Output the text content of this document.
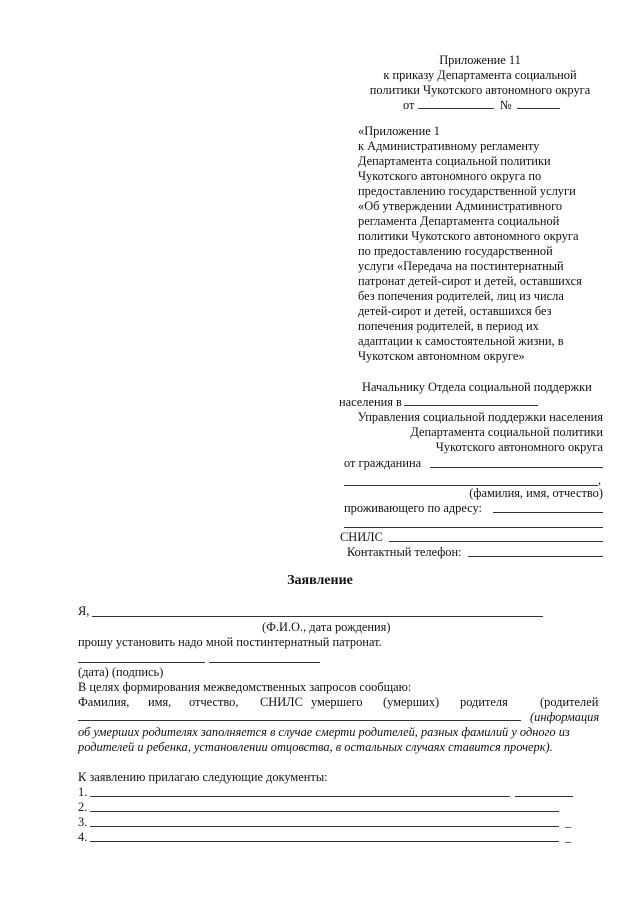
Приложение 11
к приказу Департамента социальной
политики Чукотского автономного округа
от	№
«Приложение 1
к Административному регламенту
Департамента социальной политики
Чукотского автономного округа по
предоставлению государственной услуги
«Об утверждении Административного
регламента Департамента социальной
политики Чукотского автономного округа
по предоставлению государственной
услуги «Передача на постинтернатный
патронат детей-сирот и детей, оставшихся
без попечения родителей, лиц из числа
детей-сирот и детей, оставшихся без
попечения родителей, в период их
адаптации к самостоятельной жизни, в
Чукотском автономном округе»
Начальнику Отдела социальной поддержки
населения в
Управления социальной поддержки населения
Департамента социальной политики
Чукотского автономного округа
от гражданина
,
(фамилия, имя, отчество)
проживающего по адресу:
СНИЛС
Контактный телефон:
Заявление
Я,
(Ф.И.О., дата рождения)
прошу установить надо мной постинтернатный патронат.
(дата) (подпись)
В целях формирования межведомственных запросов сообщаю:
Фамилия, имя, отчество, СНИЛС умершего (умерших) родителя	(родителей
(информация
об умерших родителях заполняется в случае смерти родителей, разных фамилий у одного из
родителей и ребенка, установлении отцовства, в остальных случаях ставится прочерк).
К заявлению прилагаю следующие документы:
1.
2.
3.	_
4.	_
